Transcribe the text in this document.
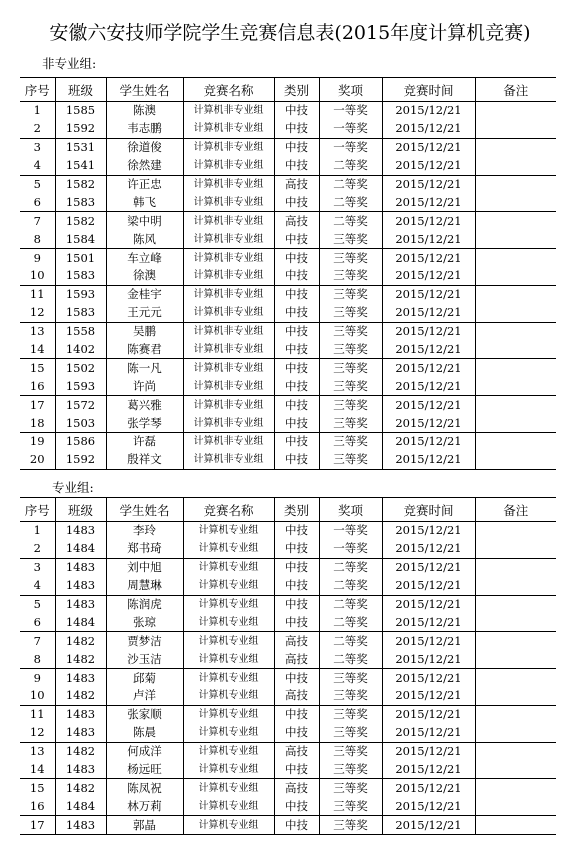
安徽六安技师学院学生竞赛信息表(2015年度计算机竞赛)
非专业组:
序号	班级	学生姓名	竞赛名称	类别	奖项	竞赛时间	备注
1	1585	陈澳	计算机非专业组	中技	一等奖	2015/12/21	
2	1592	韦志鹏	计算机非专业组	中技	一等奖	2015/12/21	
3	1531	徐道俊	计算机非专业组	中技	一等奖	2015/12/21	
4	1541	徐然建	计算机非专业组	中技	二等奖	2015/12/21	
5	1582	许正忠	计算机非专业组	高技	二等奖	2015/12/21	
6	1583	韩飞	计算机非专业组	中技	二等奖	2015/12/21	
7	1582	梁中明	计算机非专业组	高技	二等奖	2015/12/21	
8	1584	陈风	计算机非专业组	中技	三等奖	2015/12/21	
9	1501	车立峰	计算机非专业组	中技	三等奖	2015/12/21	
10	1583	徐澳	计算机非专业组	中技	三等奖	2015/12/21	
11	1593	金桂宇	计算机非专业组	中技	三等奖	2015/12/21	
12	1583	王元元	计算机非专业组	中技	三等奖	2015/12/21	
13	1558	吴鹏	计算机非专业组	中技	三等奖	2015/12/21	
14	1402	陈赛君	计算机非专业组	中技	三等奖	2015/12/21	
15	1502	陈一凡	计算机非专业组	中技	三等奖	2015/12/21	
16	1593	许尚	计算机非专业组	中技	三等奖	2015/12/21	
17	1572	葛兴雅	计算机非专业组	中技	三等奖	2015/12/21	
18	1503	张学琴	计算机非专业组	中技	三等奖	2015/12/21	
19	1586	许磊	计算机非专业组	中技	三等奖	2015/12/21	
20	1592	殷祥文	计算机非专业组	中技	三等奖	2015/12/21	
专业组:
序号	班级	学生姓名	竞赛名称	类别	奖项	竞赛时间	备注
1	1483	李玲	计算机专业组	中技	一等奖	2015/12/21	
2	1484	郑书琦	计算机专业组	中技	一等奖	2015/12/21	
3	1483	刘中旭	计算机专业组	中技	二等奖	2015/12/21	
4	1483	周慧琳	计算机专业组	中技	二等奖	2015/12/21	
5	1483	陈润虎	计算机专业组	中技	二等奖	2015/12/21	
6	1484	张琼	计算机专业组	中技	二等奖	2015/12/21	
7	1482	贾梦洁	计算机专业组	高技	二等奖	2015/12/21	
8	1482	沙玉洁	计算机专业组	高技	二等奖	2015/12/21	
9	1483	邱菊	计算机专业组	中技	三等奖	2015/12/21	
10	1482	卢洋	计算机专业组	高技	三等奖	2015/12/21	
11	1483	张家顺	计算机专业组	中技	三等奖	2015/12/21	
12	1483	陈晨	计算机专业组	中技	三等奖	2015/12/21	
13	1482	何成洋	计算机专业组	高技	三等奖	2015/12/21	
14	1483	杨远旺	计算机专业组	中技	三等奖	2015/12/21	
15	1482	陈凤祝	计算机专业组	高技	三等奖	2015/12/21	
16	1484	林万莉	计算机专业组	中技	三等奖	2015/12/21	
17	1483	郭晶	计算机专业组	中技	三等奖	2015/12/21	
